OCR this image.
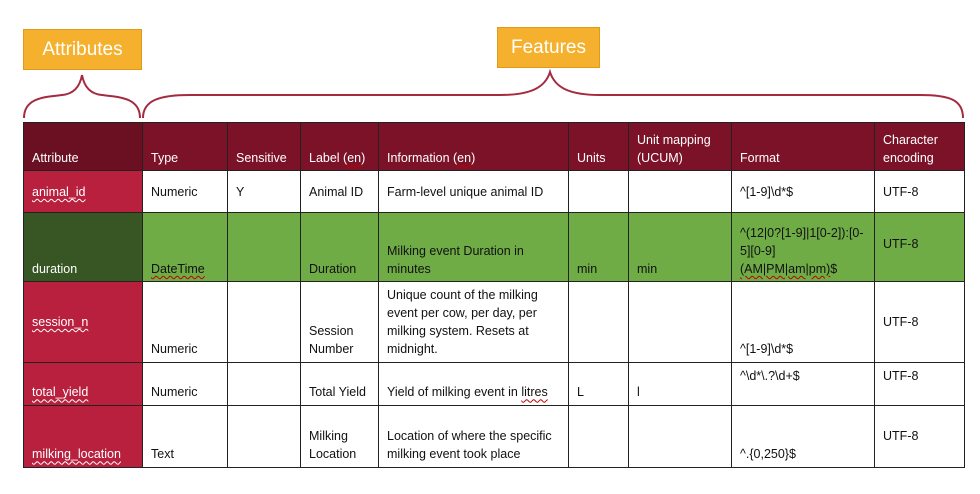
Attributes	Features
Attribute	Type	Sensitive	Label (en)	Information (en)	Units	Unit mapping (UCUM)	Format	Character encoding
animal_id	Numeric	Y	Animal ID	Farm-level unique animal ID			^[1-9]\d*$	UTF-8
duration	DateTime		Duration	Milking event Duration in minutes	min	min	^(12|0?[1-9]|1[0-2]):[0-5][0-9](AM|PM|am|pm)$	UTF-8
session_n	Numeric		Session Number	Unique count of the milking event per cow, per day, per milking system. Resets at midnight.			^[1-9]\d*$	UTF-8
total_yield	Numeric		Total Yield	Yield of milking event in litres	L	l	^\d*\.?\d+$	UTF-8
milking_location	Text		Milking Location	Location of where the specific milking event took place			^.{0,250}$	UTF-8
